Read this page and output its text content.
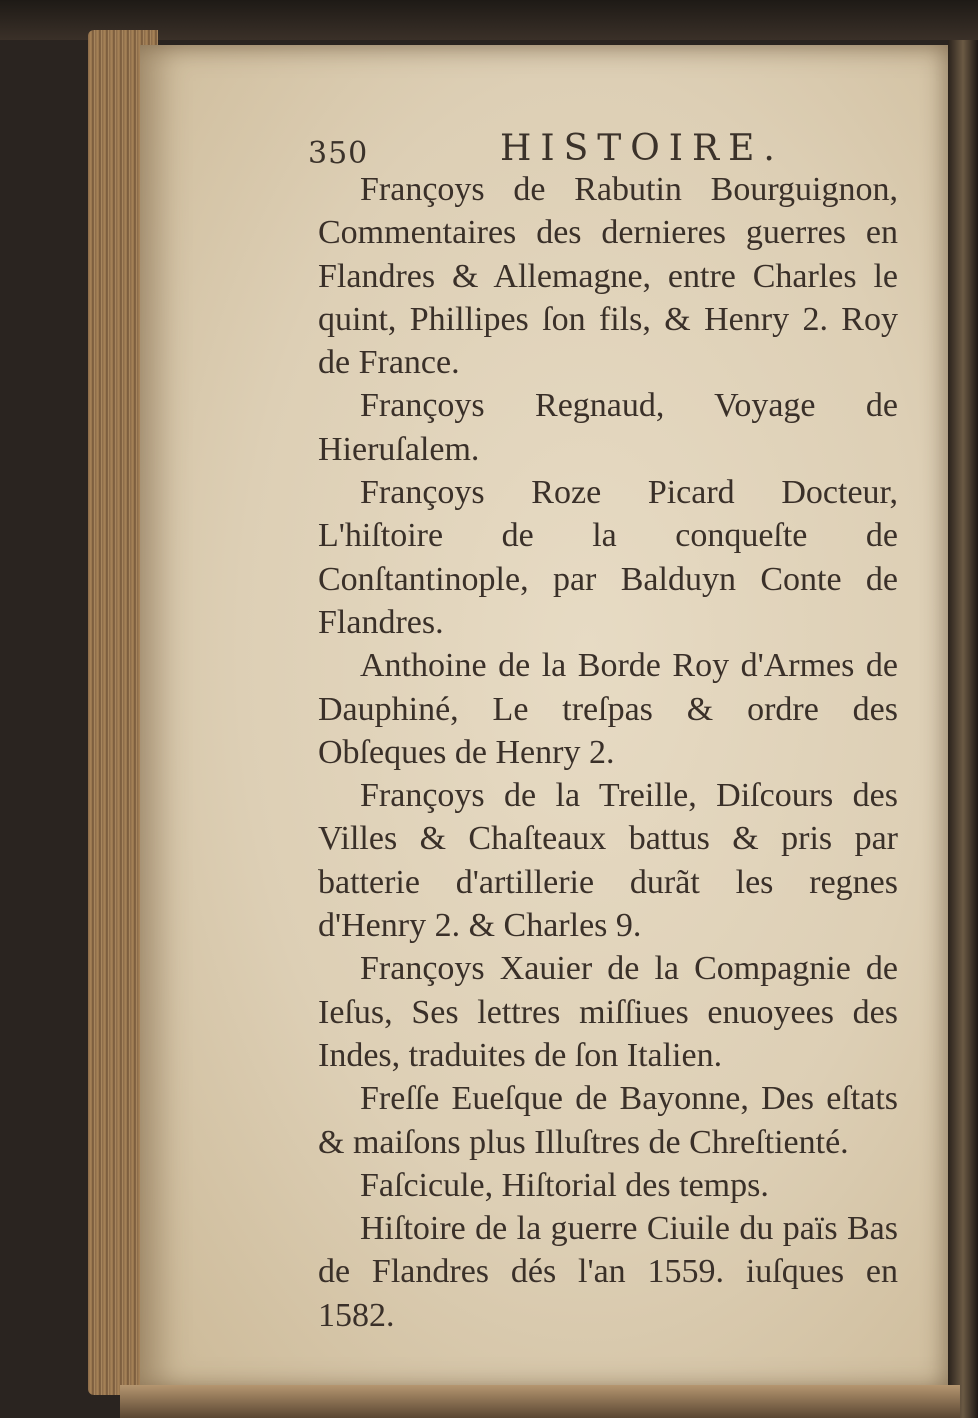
350	HISTOIRE.

Françoys de Rabutin Bourguignon, Commentaires des dernieres guerres en Flandres & Allemagne, entre Charles le quint, Phillipes ſon fils, & Henry 2. Roy de France.

Françoys Regnaud, Voyage de Hieruſalem.

Françoys Roze Picard Docteur, L'hiſtoire de la conqueſte de Conſtantinople, par Balduyn Conte de Flandres.

Anthoine de la Borde Roy d'Armes de Dauphiné, Le treſpas & ordre des Obſeques de Henry 2.

Françoys de la Treille, Diſcours des Villes & Chaſteaux battus & pris par batterie d'artillerie durãt les regnes d'Henry 2. & Charles 9.

Françoys Xauier de la Compagnie de Ieſus, Ses lettres miſſiues enuoyees des Indes, traduites de ſon Italien.

Freſſe Eueſque de Bayonne, Des eſtats & maiſons plus Illuſtres de Chreſtienté.

Faſcicule, Hiſtorial des temps.

Hiſtoire de la guerre Ciuile du païs Bas de Flandres dés l'an 1559. iuſques en 1582.
